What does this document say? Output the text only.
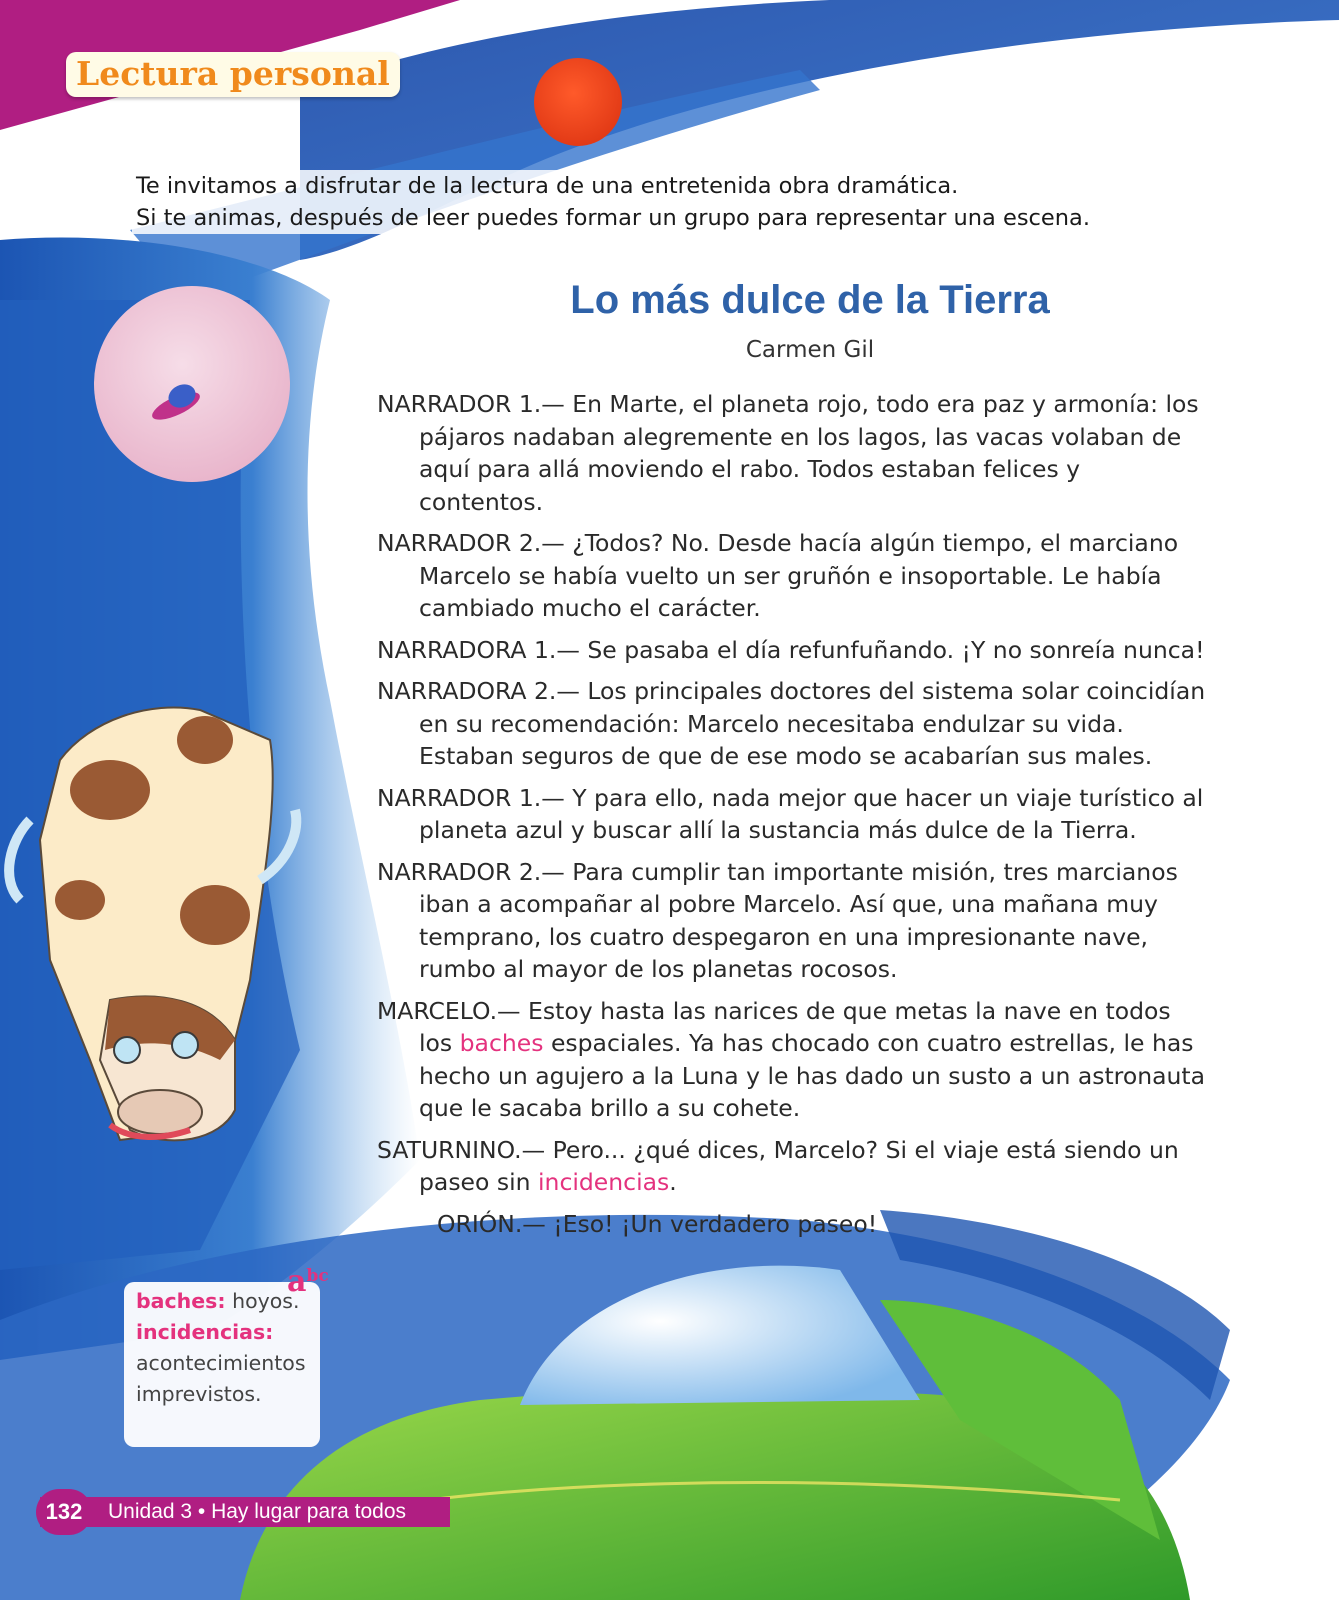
Lectura personal
Te invitamos a disfrutar de la lectura de una entretenida obra dramática.
Si te animas, después de leer puedes formar un grupo para representar una escena.
Lo más dulce de la Tierra
Carmen Gil
NARRADOR 1.— En Marte, el planeta rojo, todo era paz y armonía: los pájaros nadaban alegremente en los lagos, las vacas volaban de aquí para allá moviendo el rabo. Todos estaban felices y contentos.
NARRADOR 2.— ¿Todos? No. Desde hacía algún tiempo, el marciano Marcelo se había vuelto un ser gruñón e insoportable. Le había cambiado mucho el carácter.
NARRADORA 1.— Se pasaba el día refunfuñando. ¡Y no sonreía nunca!
NARRADORA 2.— Los principales doctores del sistema solar coincidían en su recomendación: Marcelo necesitaba endulzar su vida. Estaban seguros de que de ese modo se acabarían sus males.
NARRADOR 1.— Y para ello, nada mejor que hacer un viaje turístico al planeta azul y buscar allí la sustancia más dulce de la Tierra.
NARRADOR 2.— Para cumplir tan importante misión, tres marcianos iban a acompañar al pobre Marcelo. Así que, una mañana muy temprano, los cuatro despegaron en una impresionante nave, rumbo al mayor de los planetas rocosos.
MARCELO.— Estoy hasta las narices de que metas la nave en todos los baches espaciales. Ya has chocado con cuatro estrellas, le has hecho un agujero a la Luna y le has dado un susto a un astronauta que le sacaba brillo a su cohete.
SATURNINO.— Pero... ¿qué dices, Marcelo? Si el viaje está siendo un paseo sin incidencias.
ORIÓN.— ¡Eso! ¡Un verdadero paseo!
baches: hoyos.
incidencias: acontecimientos imprevistos.
$a^{bc}$
132	Unidad 3 • Hay lugar para todos
